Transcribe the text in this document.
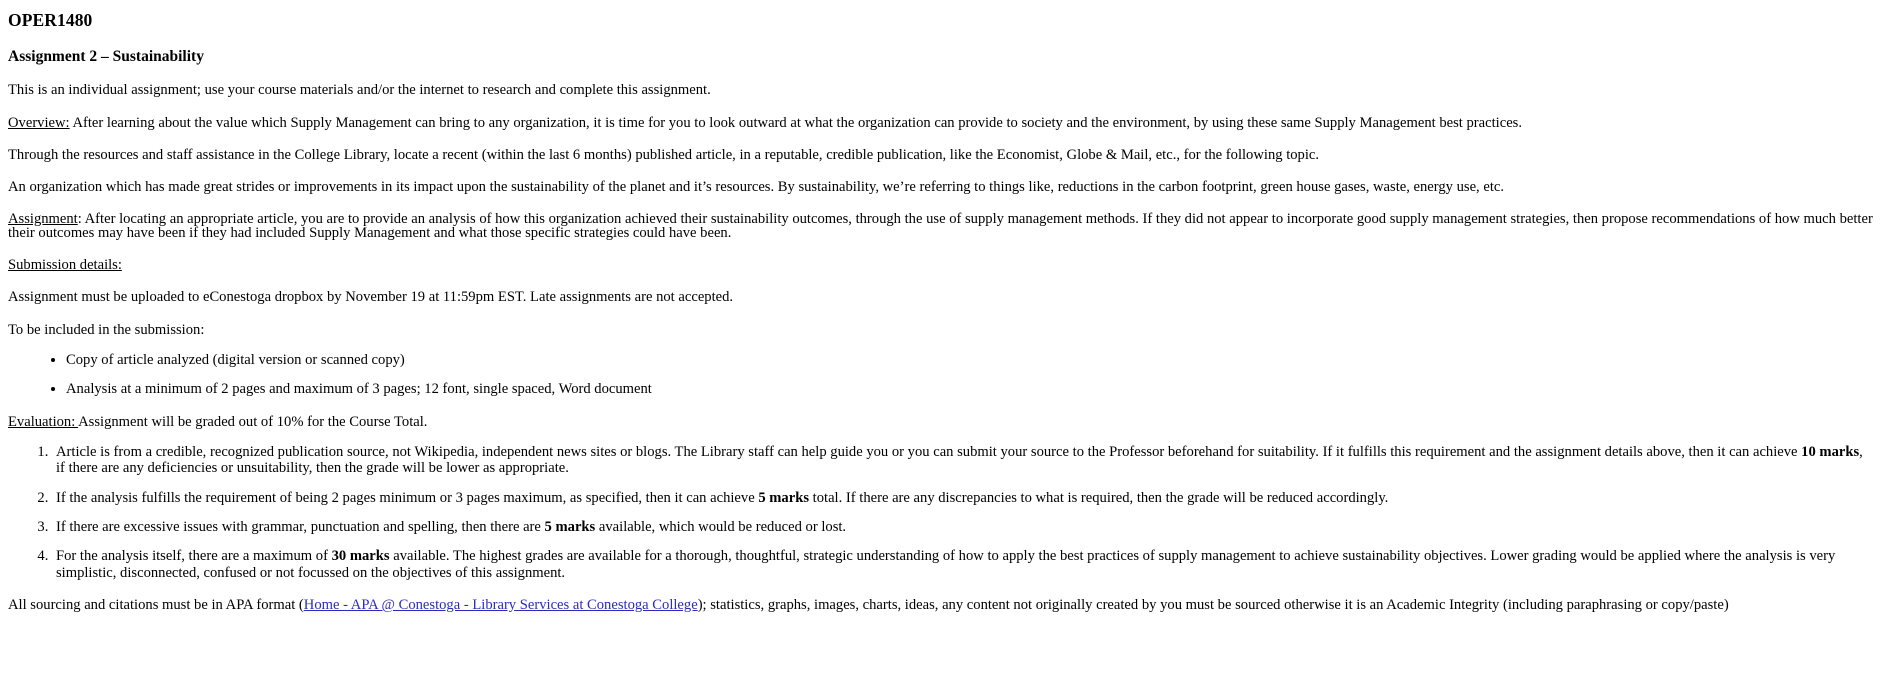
OPER1480
Assignment 2 – Sustainability

This is an individual assignment; use your course materials and/or the internet to research and complete this assignment.

Overview: After learning about the value which Supply Management can bring to any organization, it is time for you to look outward at what the organization can provide to society and the environment, by using these same Supply Management best practices.

Through the resources and staff assistance in the College Library, locate a recent (within the last 6 months) published article, in a reputable, credible publication, like the Economist, Globe & Mail, etc., for the following topic.

An organization which has made great strides or improvements in its impact upon the sustainability of the planet and it’s resources. By sustainability, we’re referring to things like, reductions in the carbon footprint, green house gases, waste, energy use, etc.

Assignment: After locating an appropriate article, you are to provide an analysis of how this organization achieved their sustainability outcomes, through the use of supply management methods. If they did not appear to incorporate good supply management strategies, then propose recommendations of how much better their outcomes may have been if they had included Supply Management and what those specific strategies could have been.

Submission details:

Assignment must be uploaded to eConestoga dropbox by November 19 at 11:59pm EST. Late assignments are not accepted.

To be included in the submission:

• Copy of article analyzed (digital version or scanned copy)
• Analysis at a minimum of 2 pages and maximum of 3 pages; 12 font, single spaced, Word document

Evaluation: Assignment will be graded out of 10% for the Course Total.

1. Article is from a credible, recognized publication source, not Wikipedia, independent news sites or blogs. The Library staff can help guide you or you can submit your source to the Professor beforehand for suitability. If it fulfills this requirement and the assignment details above, then it can achieve 10 marks, if there are any deficiencies or unsuitability, then the grade will be lower as appropriate.
2. If the analysis fulfills the requirement of being 2 pages minimum or 3 pages maximum, as specified, then it can achieve 5 marks total. If there are any discrepancies to what is required, then the grade will be reduced accordingly.
3. If there are excessive issues with grammar, punctuation and spelling, then there are 5 marks available, which would be reduced or lost.
4. For the analysis itself, there are a maximum of 30 marks available. The highest grades are available for a thorough, thoughtful, strategic understanding of how to apply the best practices of supply management to achieve sustainability objectives. Lower grading would be applied where the analysis is very simplistic, disconnected, confused or not focussed on the objectives of this assignment.

All sourcing and citations must be in APA format (Home - APA @ Conestoga - Library Services at Conestoga College); statistics, graphs, images, charts, ideas, any content not originally created by you must be sourced otherwise it is an Academic Integrity (including paraphrasing or copy/paste)
